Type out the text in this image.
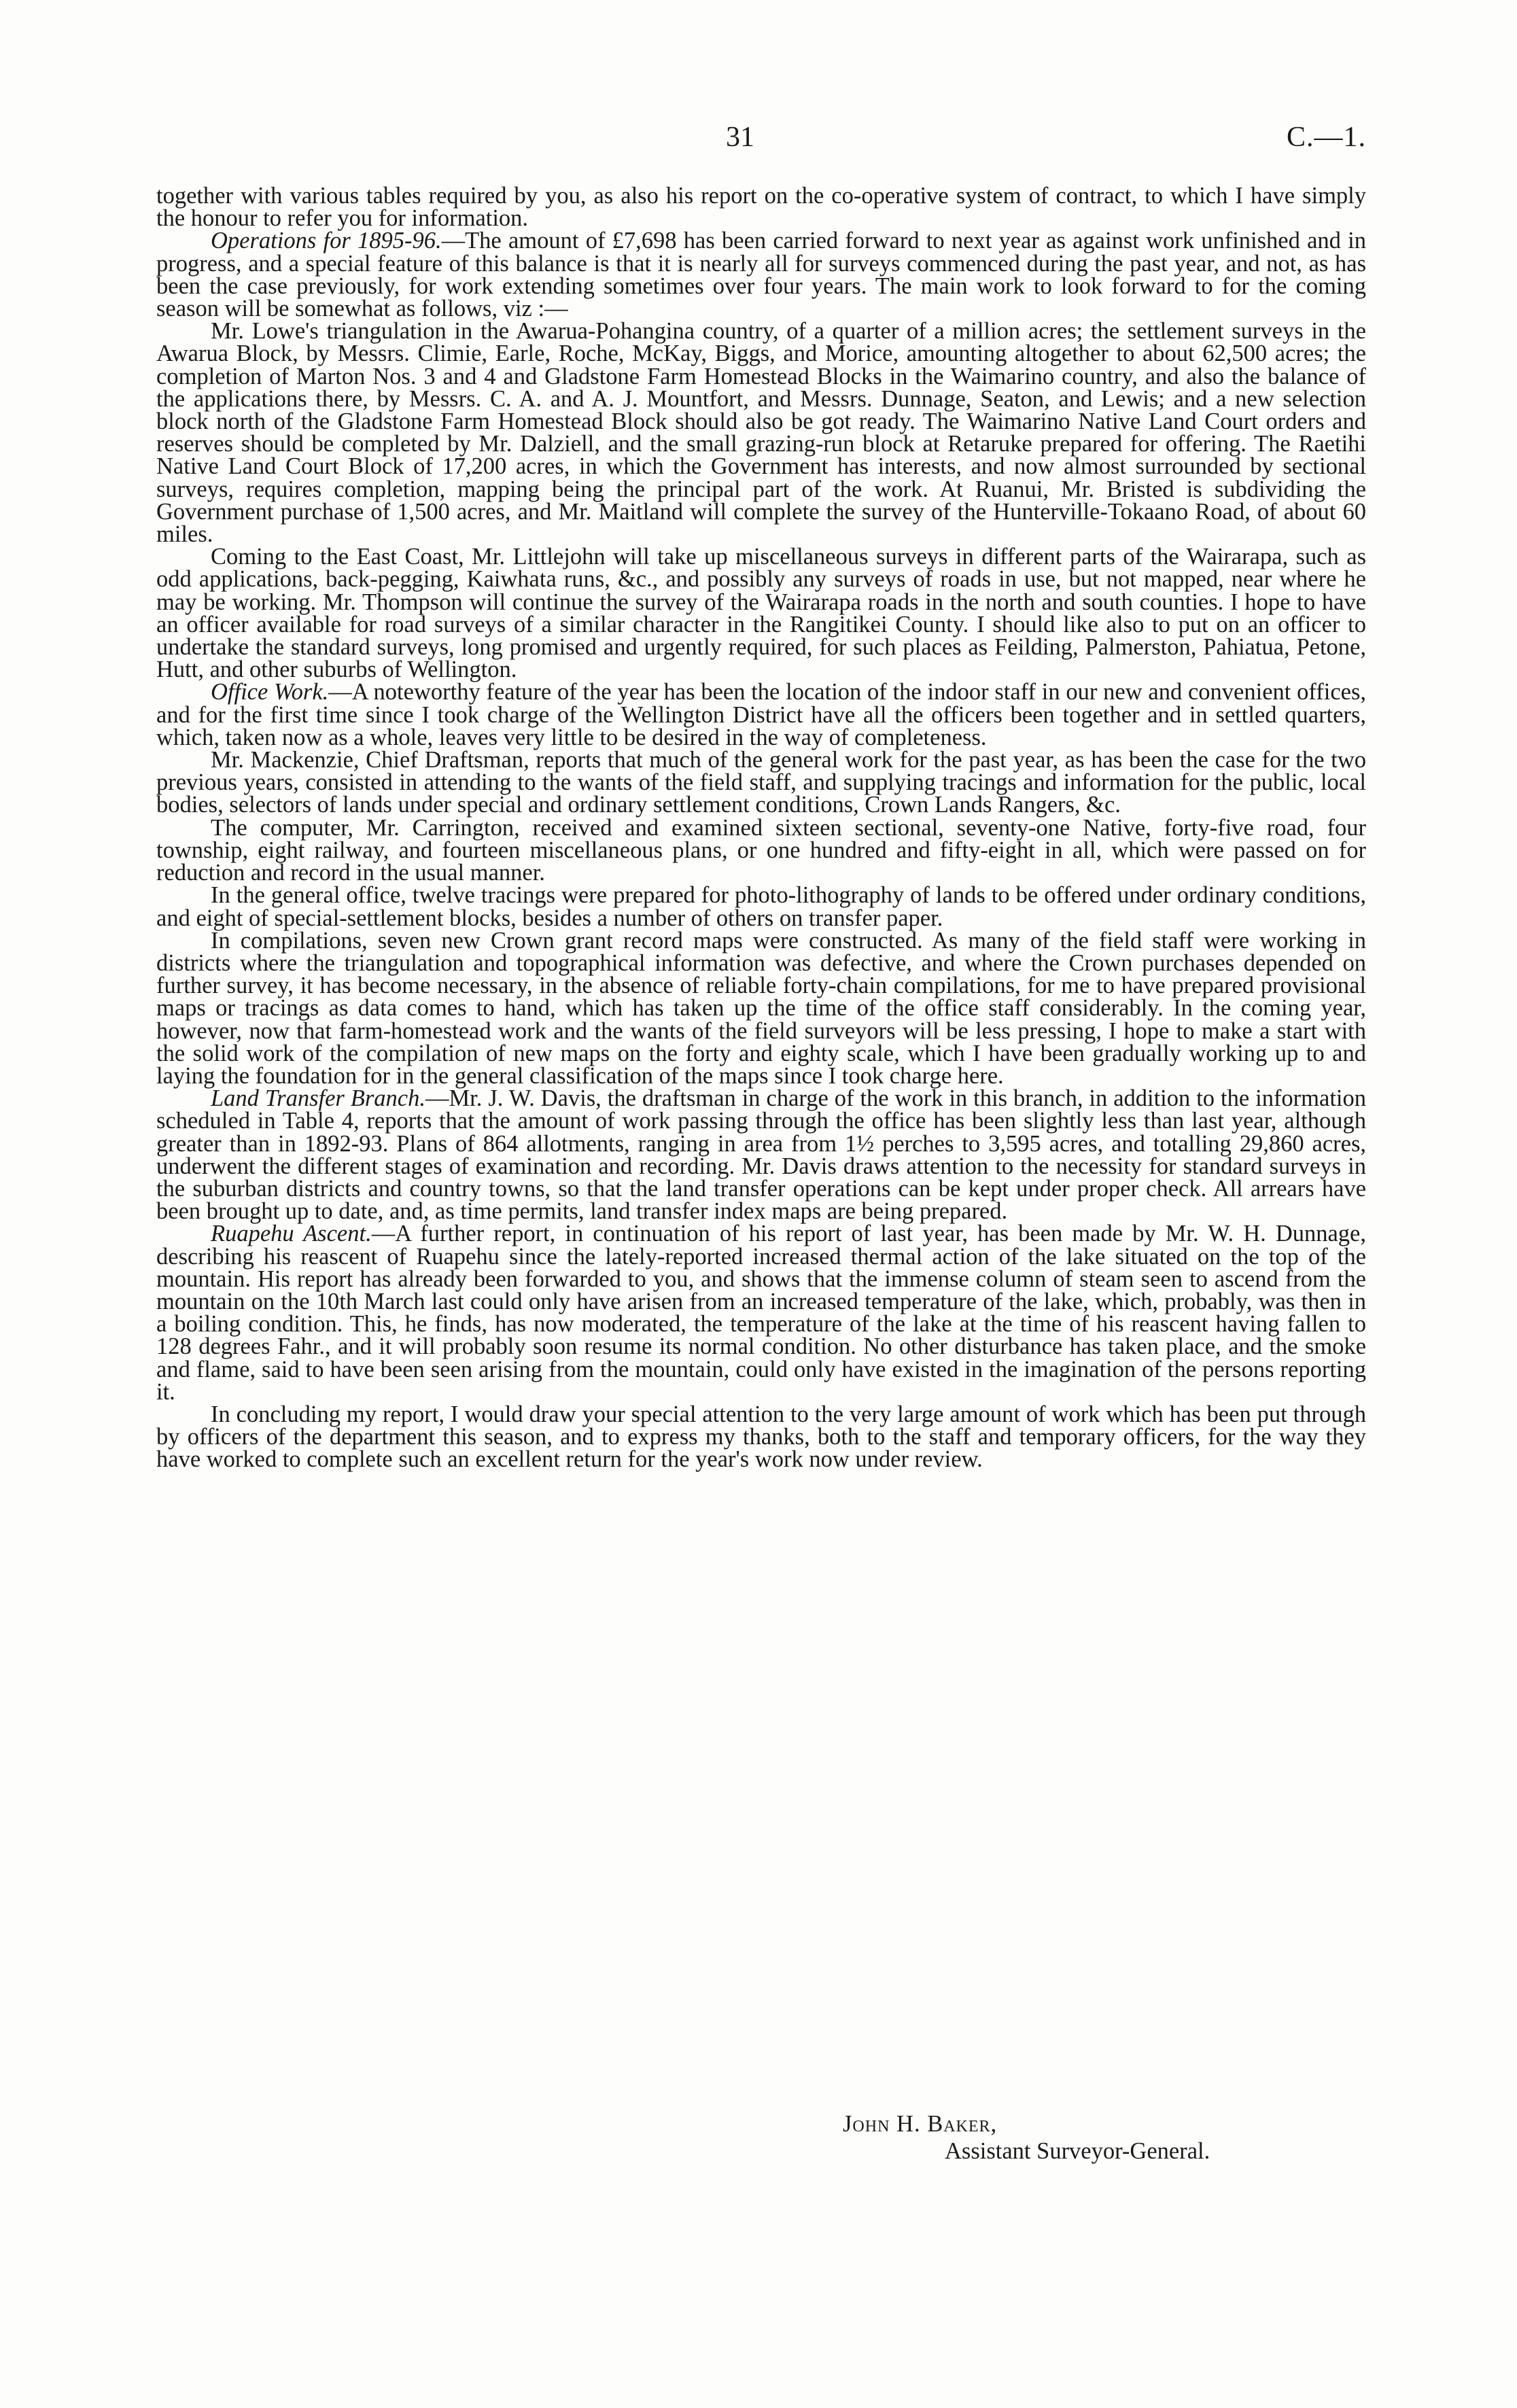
31	C.—1.

together with various tables required by you, as also his report on the co-operative system of contract, to which I have simply the honour to refer you for information.

Operations for 1895-96.—The amount of £7,698 has been carried forward to next year as against work unfinished and in progress, and a special feature of this balance is that it is nearly all for surveys commenced during the past year, and not, as has been the case previously, for work extending sometimes over four years. The main work to look forward to for the coming season will be somewhat as follows, viz :—

Mr. Lowe's triangulation in the Awarua-Pohangina country, of a quarter of a million acres; the settlement surveys in the Awarua Block, by Messrs. Climie, Earle, Roche, McKay, Biggs, and Morice, amounting altogether to about 62,500 acres; the completion of Marton Nos. 3 and 4 and Gladstone Farm Homestead Blocks in the Waimarino country, and also the balance of the applications there, by Messrs. C. A. and A. J. Mountfort, and Messrs. Dunnage, Seaton, and Lewis; and a new selection block north of the Gladstone Farm Homestead Block should also be got ready. The Waimarino Native Land Court orders and reserves should be completed by Mr. Dalziell, and the small grazing-run block at Retaruke prepared for offering. The Raetihi Native Land Court Block of 17,200 acres, in which the Government has interests, and now almost surrounded by sectional surveys, requires completion, mapping being the principal part of the work. At Ruanui, Mr. Bristed is subdividing the Government purchase of 1,500 acres, and Mr. Maitland will complete the survey of the Hunterville-Tokaano Road, of about 60 miles.

Coming to the East Coast, Mr. Littlejohn will take up miscellaneous surveys in different parts of the Wairarapa, such as odd applications, back-pegging, Kaiwhata runs, &c., and possibly any surveys of roads in use, but not mapped, near where he may be working. Mr. Thompson will continue the survey of the Wairarapa roads in the north and south counties. I hope to have an officer available for road surveys of a similar character in the Rangitikei County. I should like also to put on an officer to undertake the standard surveys, long promised and urgently required, for such places as Feilding, Palmerston, Pahiatua, Petone, Hutt, and other suburbs of Wellington.

Office Work.—A noteworthy feature of the year has been the location of the indoor staff in our new and convenient offices, and for the first time since I took charge of the Wellington District have all the officers been together and in settled quarters, which, taken now as a whole, leaves very little to be desired in the way of completeness.

Mr. Mackenzie, Chief Draftsman, reports that much of the general work for the past year, as has been the case for the two previous years, consisted in attending to the wants of the field staff, and supplying tracings and information for the public, local bodies, selectors of lands under special and ordinary settlement conditions, Crown Lands Rangers, &c.

The computer, Mr. Carrington, received and examined sixteen sectional, seventy-one Native, forty-five road, four township, eight railway, and fourteen miscellaneous plans, or one hundred and fifty-eight in all, which were passed on for reduction and record in the usual manner.

In the general office, twelve tracings were prepared for photo-lithography of lands to be offered under ordinary conditions, and eight of special-settlement blocks, besides a number of others on transfer paper.

In compilations, seven new Crown grant record maps were constructed. As many of the field staff were working in districts where the triangulation and topographical information was defective, and where the Crown purchases depended on further survey, it has become necessary, in the absence of reliable forty-chain compilations, for me to have prepared provisional maps or tracings as data comes to hand, which has taken up the time of the office staff considerably. In the coming year, however, now that farm-homestead work and the wants of the field surveyors will be less pressing, I hope to make a start with the solid work of the compilation of new maps on the forty and eighty scale, which I have been gradually working up to and laying the foundation for in the general classification of the maps since I took charge here.

Land Transfer Branch.—Mr. J. W. Davis, the draftsman in charge of the work in this branch, in addition to the information scheduled in Table 4, reports that the amount of work passing through the office has been slightly less than last year, although greater than in 1892-93. Plans of 864 allotments, ranging in area from 1½ perches to 3,595 acres, and totalling 29,860 acres, underwent the different stages of examination and recording. Mr. Davis draws attention to the necessity for standard surveys in the suburban districts and country towns, so that the land transfer operations can be kept under proper check. All arrears have been brought up to date, and, as time permits, land transfer index maps are being prepared.

Ruapehu Ascent.—A further report, in continuation of his report of last year, has been made by Mr. W. H. Dunnage, describing his reascent of Ruapehu since the lately-reported increased thermal action of the lake situated on the top of the mountain. His report has already been forwarded to you, and shows that the immense column of steam seen to ascend from the mountain on the 10th March last could only have arisen from an increased temperature of the lake, which, probably, was then in a boiling condition. This, he finds, has now moderated, the temperature of the lake at the time of his reascent having fallen to 128 degrees Fahr., and it will probably soon resume its normal condition. No other disturbance has taken place, and the smoke and flame, said to have been seen arising from the mountain, could only have existed in the imagination of the persons reporting it.

In concluding my report, I would draw your special attention to the very large amount of work which has been put through by officers of the department this season, and to express my thanks, both to the staff and temporary officers, for the way they have worked to complete such an excellent return for the year's work now under review.

John H. Baker,
Assistant Surveyor-General.
